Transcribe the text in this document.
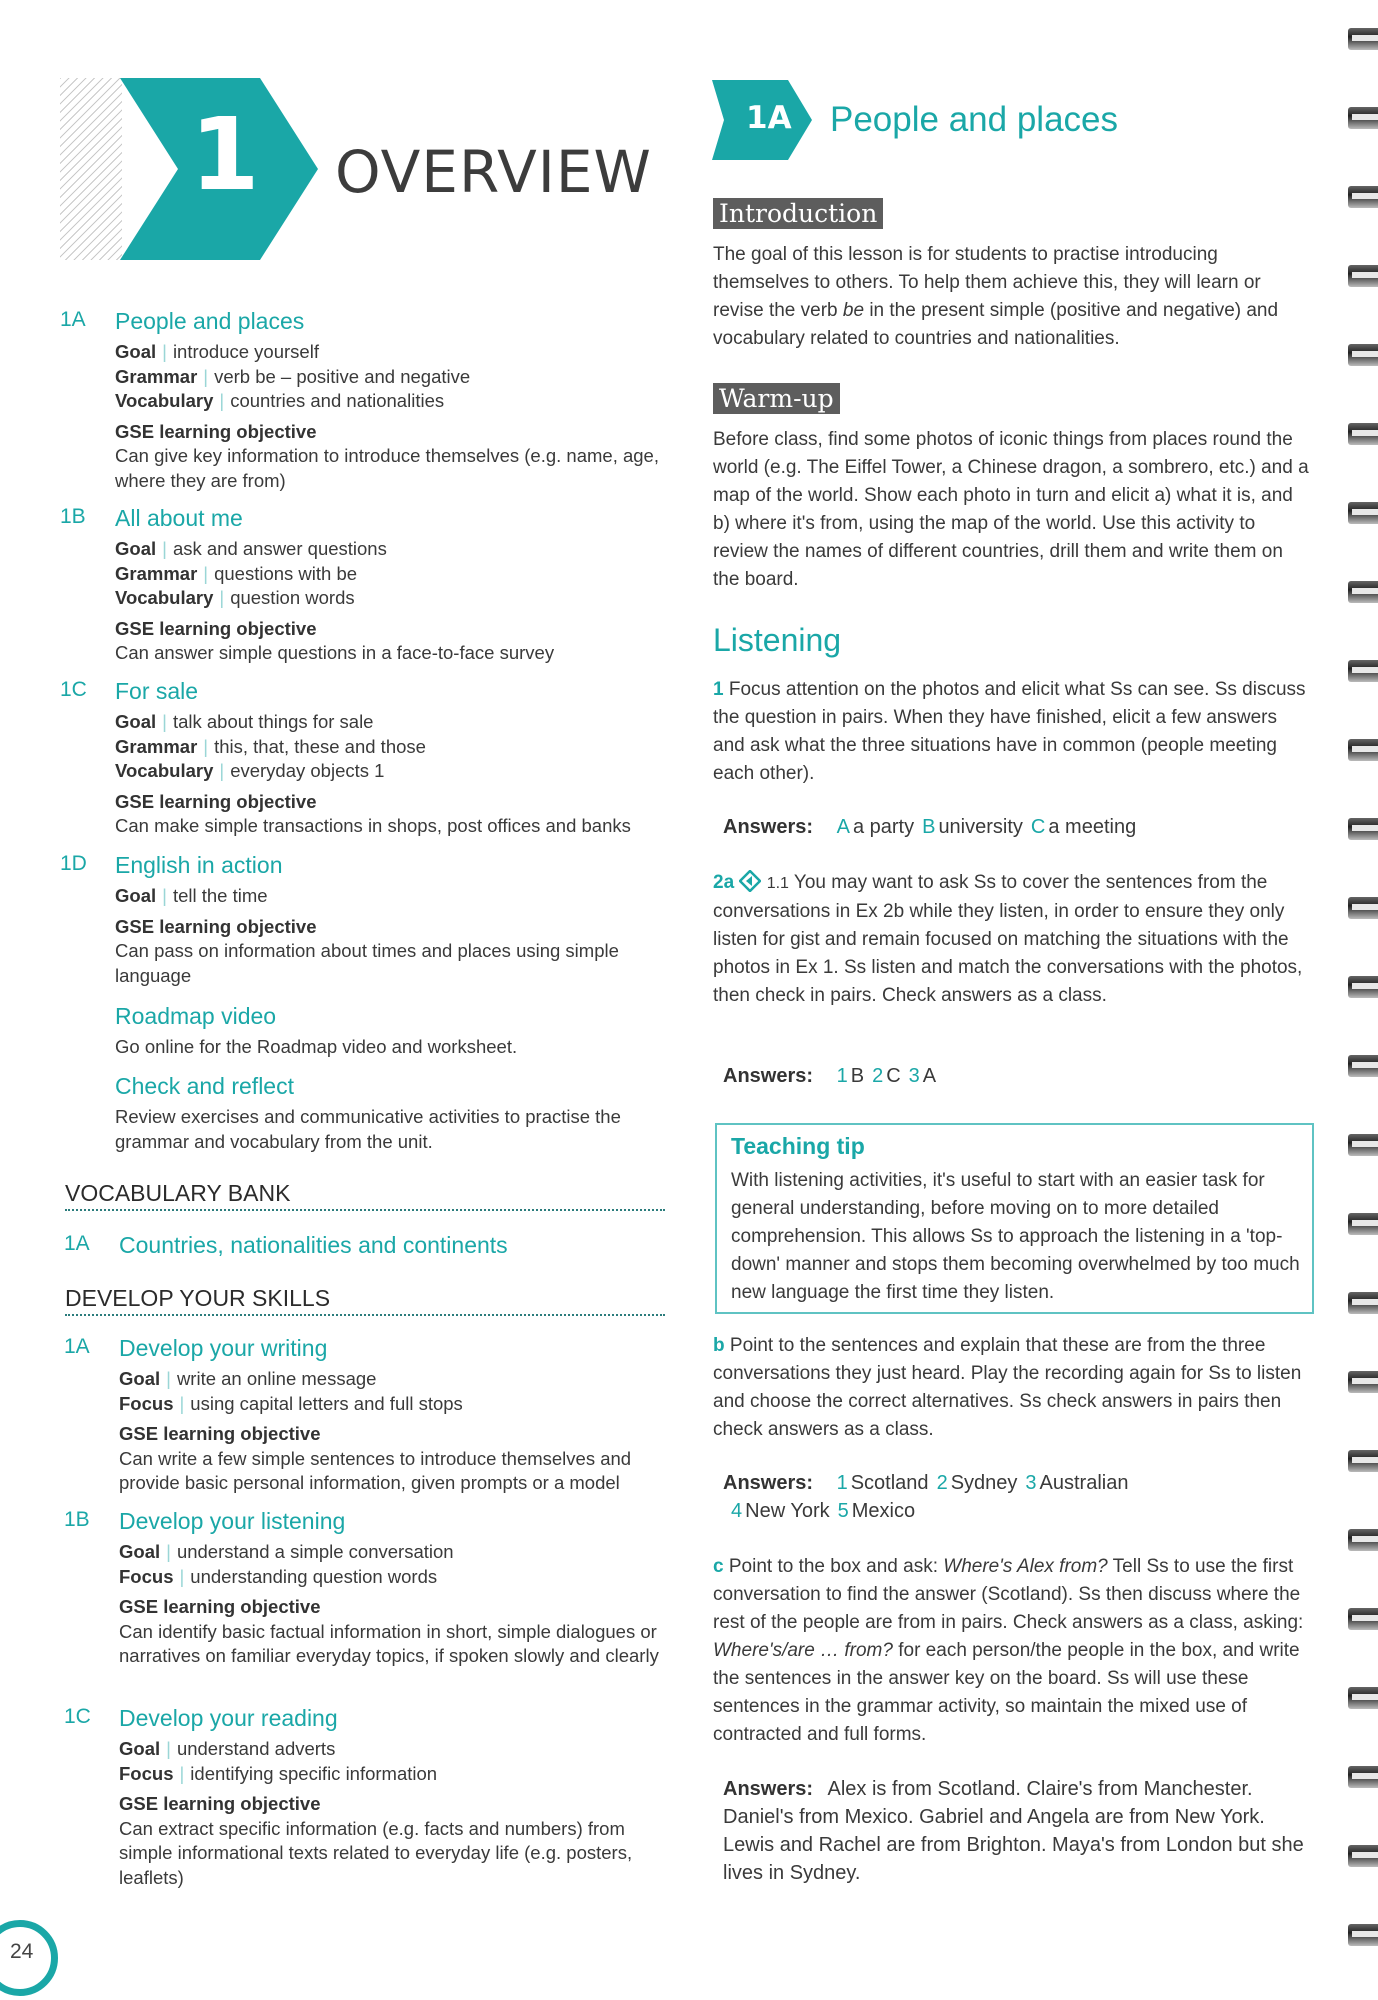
1 OVERVIEW
1A People and places
Goal | introduce yourself
Grammar | verb be – positive and negative
Vocabulary | countries and nationalities
GSE learning objective
Can give key information to introduce themselves (e.g. name, age, where they are from)
1B All about me
Goal | ask and answer questions
Grammar | questions with be
Vocabulary | question words
GSE learning objective
Can answer simple questions in a face-to-face survey
1C For sale
Goal | talk about things for sale
Grammar | this, that, these and those
Vocabulary | everyday objects 1
GSE learning objective
Can make simple transactions in shops, post offices and banks
1D English in action
Goal | tell the time
GSE learning objective
Can pass on information about times and places using simple language
Roadmap video
Go online for the Roadmap video and worksheet.
Check and reflect
Review exercises and communicative activities to practise the grammar and vocabulary from the unit.
VOCABULARY BANK
1A Countries, nationalities and continents
DEVELOP YOUR SKILLS
1A Develop your writing
Goal | write an online message
Focus | using capital letters and full stops
GSE learning objective
Can write a few simple sentences to introduce themselves and provide basic personal information, given prompts or a model
1B Develop your listening
Goal | understand a simple conversation
Focus | understanding question words
GSE learning objective
Can identify basic factual information in short, simple dialogues or narratives on familiar everyday topics, if spoken slowly and clearly
1C Develop your reading
Goal | understand adverts
Focus | identifying specific information
GSE learning objective
Can extract specific information (e.g. facts and numbers) from simple informational texts related to everyday life (e.g. posters, leaflets)
24
1A People and places
Introduction
The goal of this lesson is for students to practise introducing themselves to others. To help them achieve this, they will learn or revise the verb be in the present simple (positive and negative) and vocabulary related to countries and nationalities.
Warm-up
Before class, find some photos of iconic things from places round the world (e.g. The Eiffel Tower, a Chinese dragon, a sombrero, etc.) and a map of the world. Show each photo in turn and elicit a) what it is, and b) where it's from, using the map of the world. Use this activity to review the names of different countries, drill them and write them on the board.
Listening
1 Focus attention on the photos and elicit what Ss can see. Ss discuss the question in pairs. When they have finished, elicit a few answers and ask what the three situations have in common (people meeting each other).
Answers: A a party B university C a meeting
2a 1.1 You may want to ask Ss to cover the sentences from the conversations in Ex 2b while they listen, in order to ensure they only listen for gist and remain focused on matching the situations with the photos in Ex 1. Ss listen and match the conversations with the photos, then check in pairs. Check answers as a class.
Answers: 1 B 2 C 3 A
Teaching tip
With listening activities, it's useful to start with an easier task for general understanding, before moving on to more detailed comprehension. This allows Ss to approach the listening in a 'top-down' manner and stops them becoming overwhelmed by too much new language the first time they listen.
b Point to the sentences and explain that these are from the three conversations they just heard. Play the recording again for Ss to listen and choose the correct alternatives. Ss check answers in pairs then check answers as a class.
Answers: 1 Scotland 2 Sydney 3 Australian
4 New York 5 Mexico
c Point to the box and ask: Where's Alex from? Tell Ss to use the first conversation to find the answer (Scotland). Ss then discuss where the rest of the people are from in pairs. Check answers as a class, asking: Where's/are … from? for each person/the people in the box, and write the sentences in the answer key on the board. Ss will use these sentences in the grammar activity, so maintain the mixed use of contracted and full forms.
Answers: Alex is from Scotland. Claire's from Manchester. Daniel's from Mexico. Gabriel and Angela are from New York. Lewis and Rachel are from Brighton. Maya's from London but she lives in Sydney.
